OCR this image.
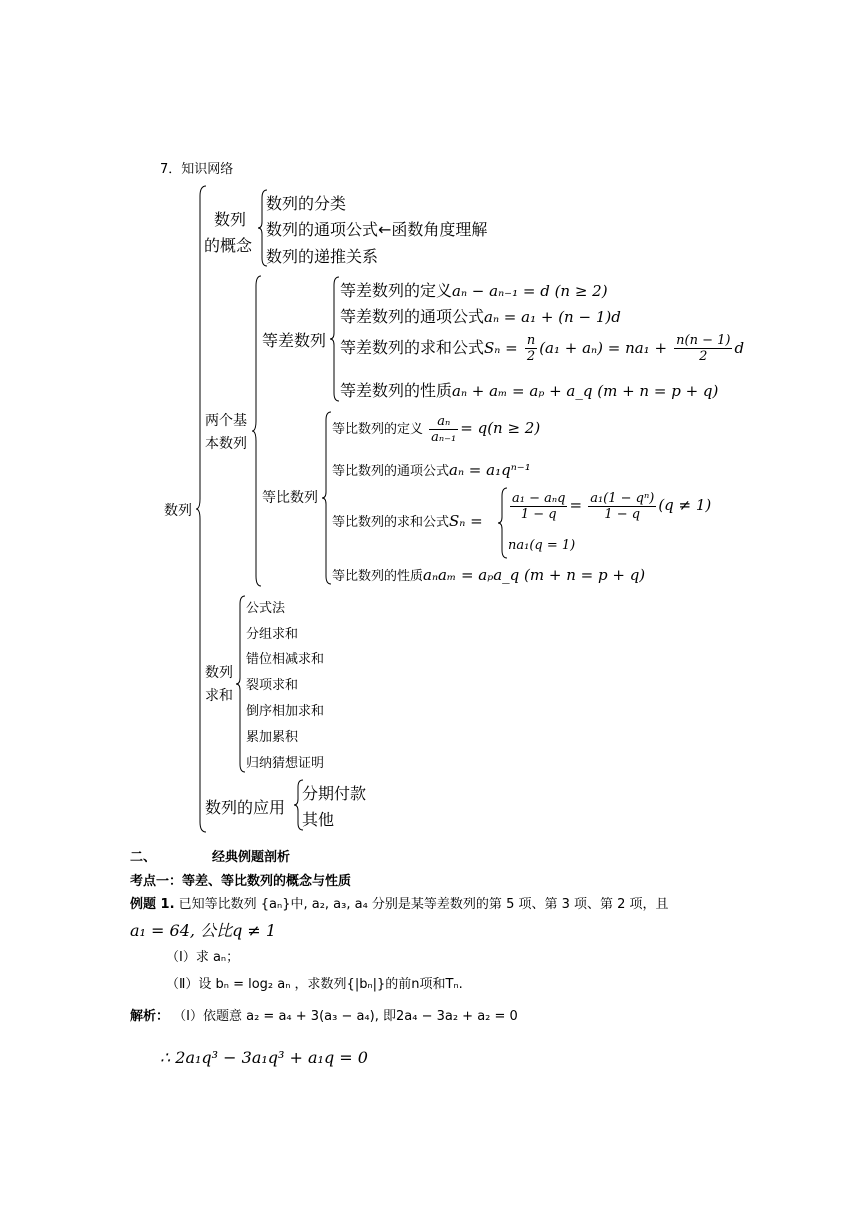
7．知识网络
数列
数列
的概念
数列的分类
数列的通项公式←函数角度理解
数列的递推关系
两个基
本数列
等差数列
等差数列的定义aₙ − aₙ₋₁ = d (n ≥ 2)
等差数列的通项公式aₙ = a₁ + (n − 1)d
等差数列的求和公式$S_n = \frac{n}{2} (a_1 + a_n) = na_1 + \frac{n(n - 1)}{2}$ d
等差数列的性质aₙ + aₘ = aₚ + a_q (m + n = p + q)
等比数列
等比数列的定义 $\frac{\text{aₙ}}{\text{aₙ₋₁}} = q(n \ge 2)$
等比数列的通项公式aₙ = a₁qⁿ⁻¹
等比数列的求和公式$S_n = \frac{\text{a₁ − aₙq}}{1 - q} = \frac{\text{a₁(1 − qⁿ)}}{1 - q} (q \ne 1)$
na₁(q = 1)
等比数列的性质aₙaₘ = aₚa_q (m + n = p + q)
数列
求和
公式法
分组求和
错位相减求和
裂项求和
倒序相加求和
累加累积
归纳猜想证明
数列的应用
分期付款
其他
二、	经典例题剖析
考点一：等差、等比数列的概念与性质
例题 1. 已知等比数列 {aₙ}中, a₂, a₃, a₄ 分别是某等差数列的第 5 项、第 3 项、第 2 项，且
a₁ = 64, 公比q ≠ 1
（Ⅰ）求 aₙ；
（Ⅱ）设 bₙ = log₂ aₙ ，求数列{|bₙ|}的前n项和Tₙ.
解析： （I）依题意 a₂ = a₄ + 3(a₃ − a₄), 即2a₄ − 3a₂ + a₂ = 0
∴ 2a₁q³ − 3a₁q³ + a₁q = 0
